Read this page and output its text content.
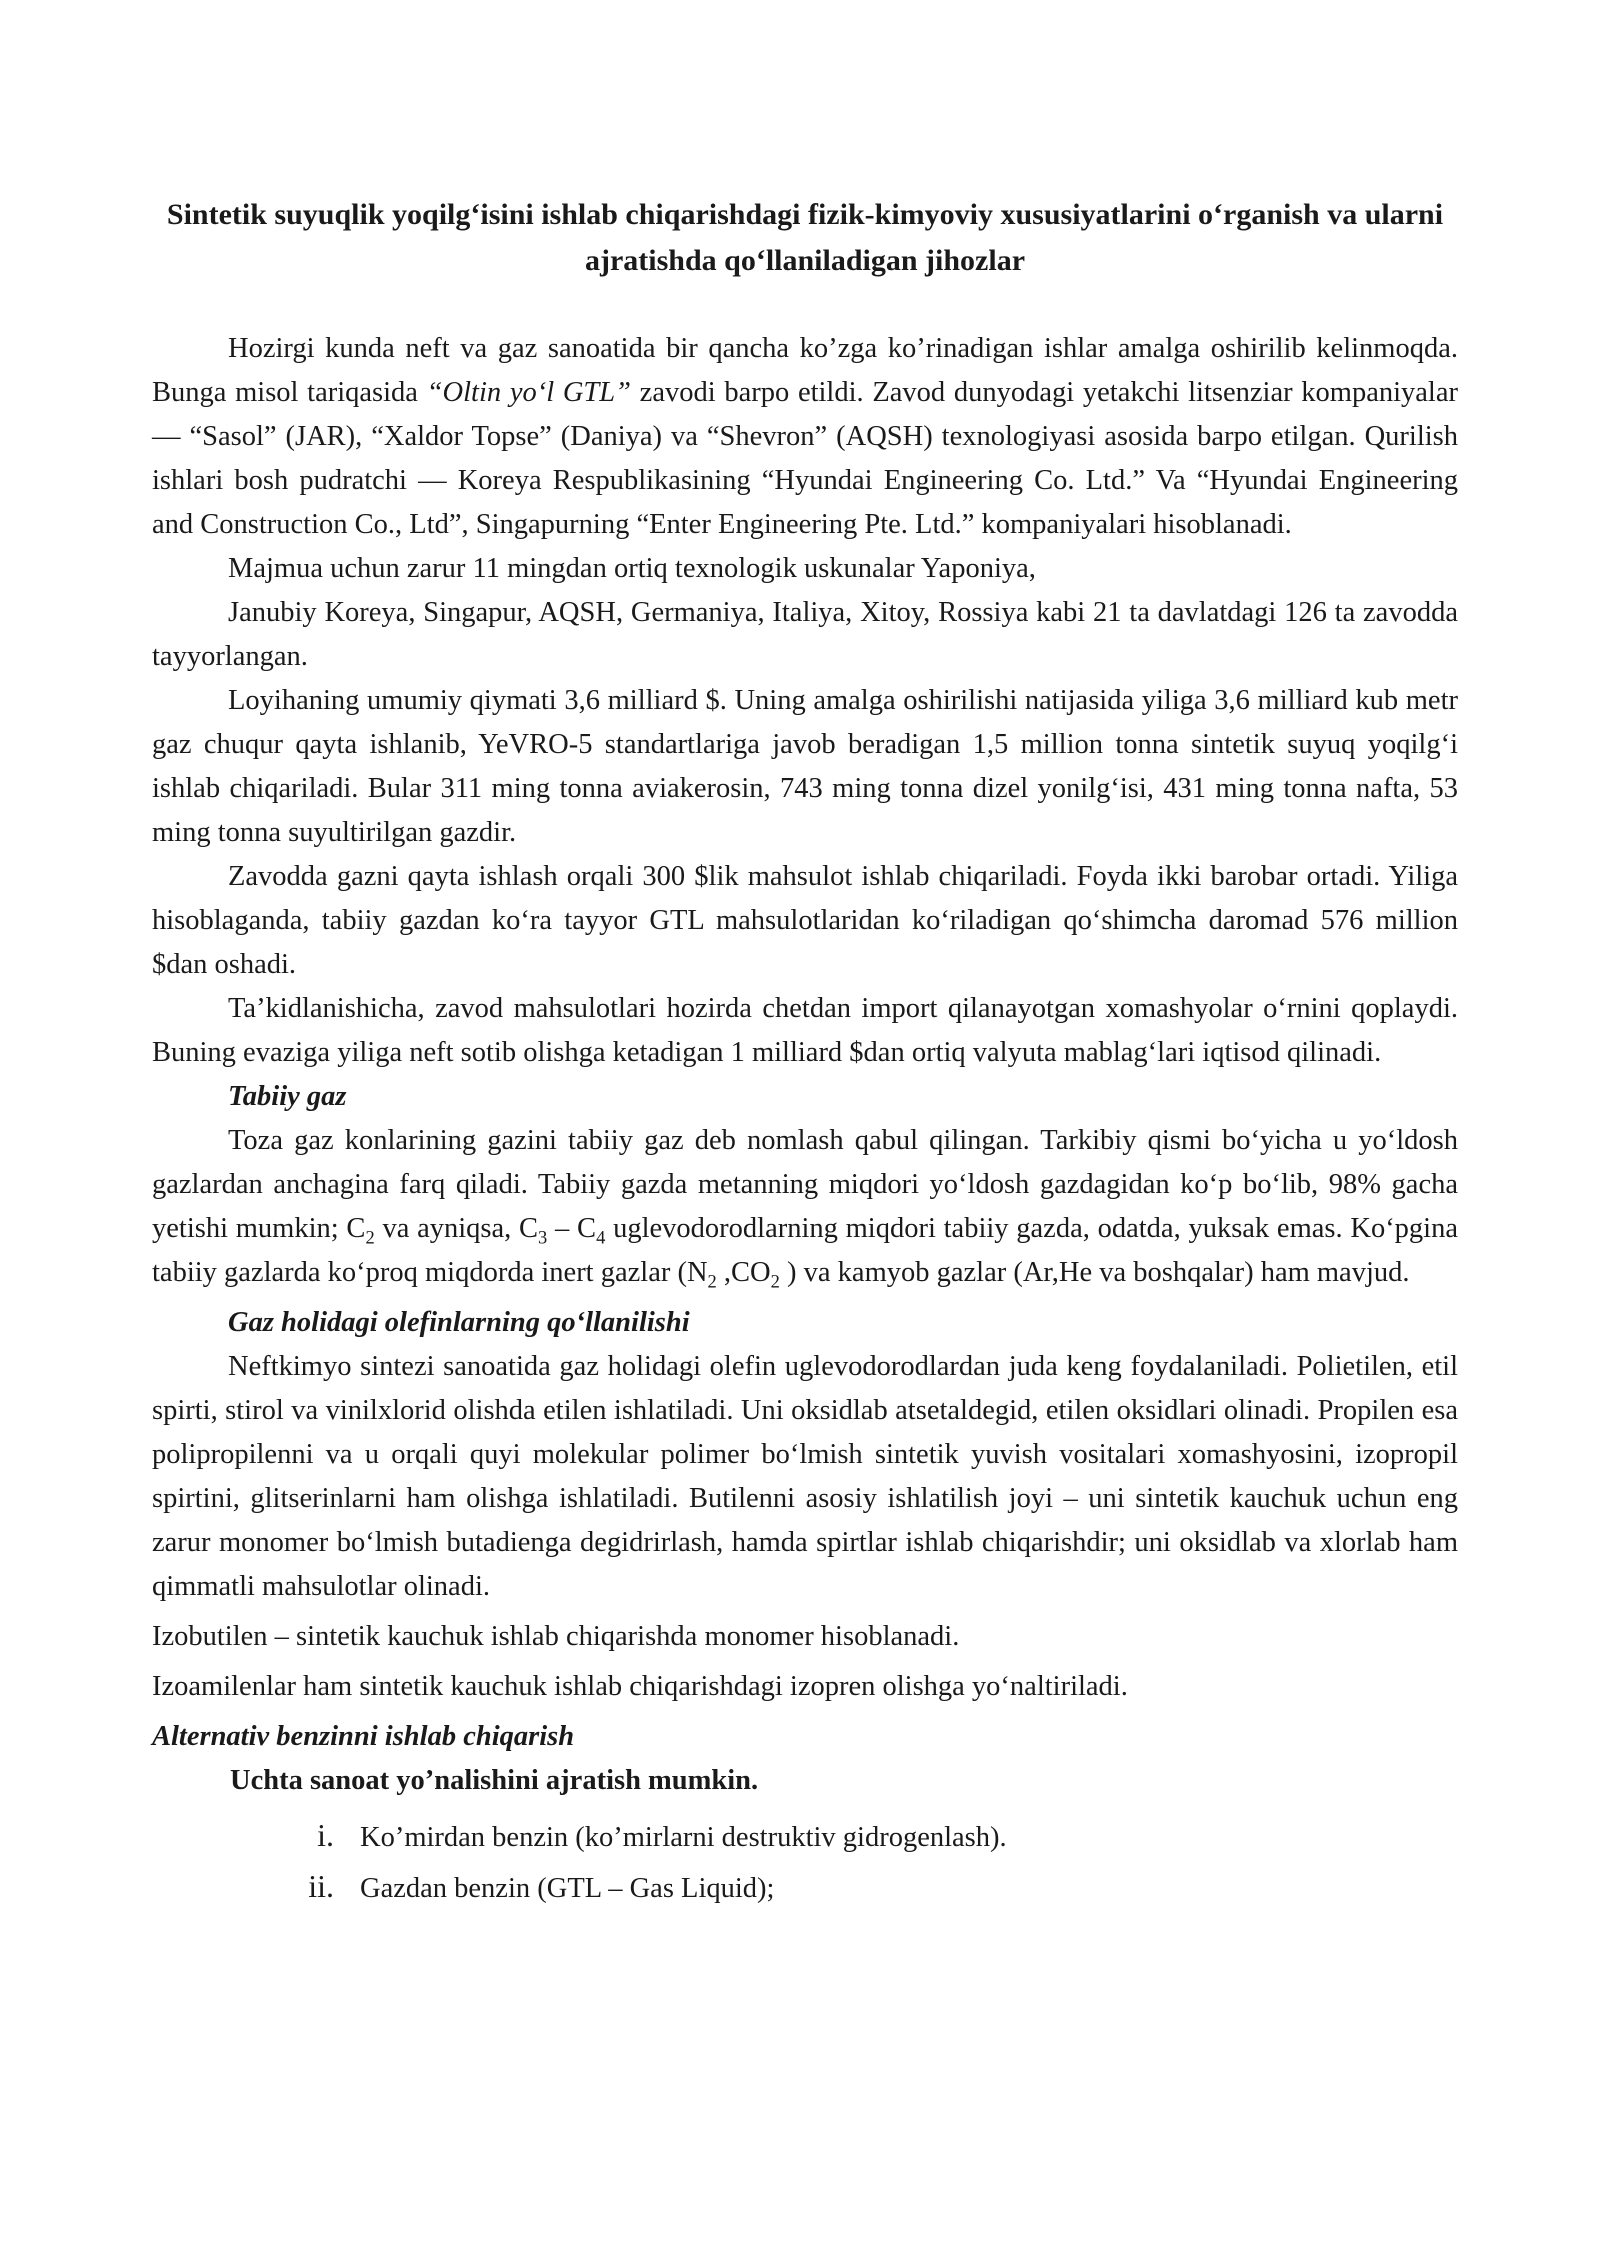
Sintetik suyuqlik yoqilg‘isini ishlab chiqarishdagi fizik-kimyoviy xususiyatlarini o‘rganish va ularni ajratishda qo‘llaniladigan jihozlar

Hozirgi kunda neft va gaz sanoatida bir qancha ko’zga ko’rinadigan ishlar amalga oshirilib kelinmoqda. Bunga misol tariqasida “Oltin yo‘l GTL” zavodi barpo etildi. Zavod dunyodagi yetakchi litsenziar kompaniyalar — “Sasol” (JAR), “Xaldor Topse” (Daniya) va “Shevron” (AQSH) texnologiyasi asosida barpo etilgan. Qurilish ishlari bosh pudratchi — Koreya Respublikasining “Hyundai Engineering Co. Ltd.” Va “Hyundai Engineering and Construction Co., Ltd”, Singapurning “Enter Engineering Pte. Ltd.” kompaniyalari hisoblanadi.

Majmua uchun zarur 11 mingdan ortiq texnologik uskunalar Yaponiya,

Janubiy Koreya, Singapur, AQSH, Germaniya, Italiya, Xitoy, Rossiya kabi 21 ta davlatdagi 126 ta zavodda tayyorlangan.

Loyihaning umumiy qiymati 3,6 milliard $. Uning amalga oshirilishi natijasida yiliga 3,6 milliard kub metr gaz chuqur qayta ishlanib, YeVRO-5 standartlariga javob beradigan 1,5 million tonna sintetik suyuq yoqilg‘i ishlab chiqariladi. Bular 311 ming tonna aviakerosin, 743 ming tonna dizel yonilg‘isi, 431 ming tonna nafta, 53 ming tonna suyultirilgan gazdir.

Zavodda gazni qayta ishlash orqali 300 $lik mahsulot ishlab chiqariladi. Foyda ikki barobar ortadi. Yiliga hisoblaganda, tabiiy gazdan ko‘ra tayyor GTL mahsulotlaridan ko‘riladigan qo‘shimcha daromad 576 million $dan oshadi.

Ta’kidlanishicha, zavod mahsulotlari hozirda chetdan import qilanayotgan xomashyolar o‘rnini qoplaydi. Buning evaziga yiliga neft sotib olishga ketadigan 1 milliard $dan ortiq valyuta mablag‘lari iqtisod qilinadi.

Tabiiy gaz

Toza gaz konlarining gazini tabiiy gaz deb nomlash qabul qilingan. Tarkibiy qismi bo‘yicha u yo‘ldosh gazlardan anchagina farq qiladi. Tabiiy gazda metanning miqdori yo‘ldosh gazdagidan ko‘p bo‘lib, 98% gacha yetishi mumkin; $C_2$ va ayniqsa, $C_3 - C_4$ uglevodorodlarning miqdori tabiiy gazda, odatda, yuksak emas. Ko‘pgina tabiiy gazlarda ko‘proq miqdorda inert gazlar ($N_2$ $,CO_2$ ) va kamyob gazlar (Ar,He va boshqalar) ham mavjud.

Gaz holidagi olefinlarning qo‘llanilishi

Neftkimyo sintezi sanoatida gaz holidagi olefin uglevodorodlardan juda keng foydalaniladi. Polietilen, etil spirti, stirol va vinilxlorid olishda etilen ishlatiladi. Uni oksidlab atsetaldegid, etilen oksidlari olinadi. Propilen esa polipropilenni va u orqali quyi molekular polimer bo‘lmish sintetik yuvish vositalari xomashyosini, izopropil spirtini, glitserinlarni ham olishga ishlatiladi. Butilenni asosiy ishlatilish joyi – uni sintetik kauchuk uchun eng zarur monomer bo‘lmish butadienga degidrirlash, hamda spirtlar ishlab chiqarishdir; uni oksidlab va xlorlab ham qimmatli mahsulotlar olinadi.

Izobutilen – sintetik kauchuk ishlab chiqarishda monomer hisoblanadi.

Izoamilenlar ham sintetik kauchuk ishlab chiqarishdagi izopren olishga yo‘naltiriladi.

Alternativ benzinni ishlab chiqarish

Uchta sanoat yo’nalishini ajratish mumkin.

i. Ko’mirdan benzin (ko’mirlarni destruktiv gidrogenlash).
ii. Gazdan benzin (GTL – Gas Liquid);
